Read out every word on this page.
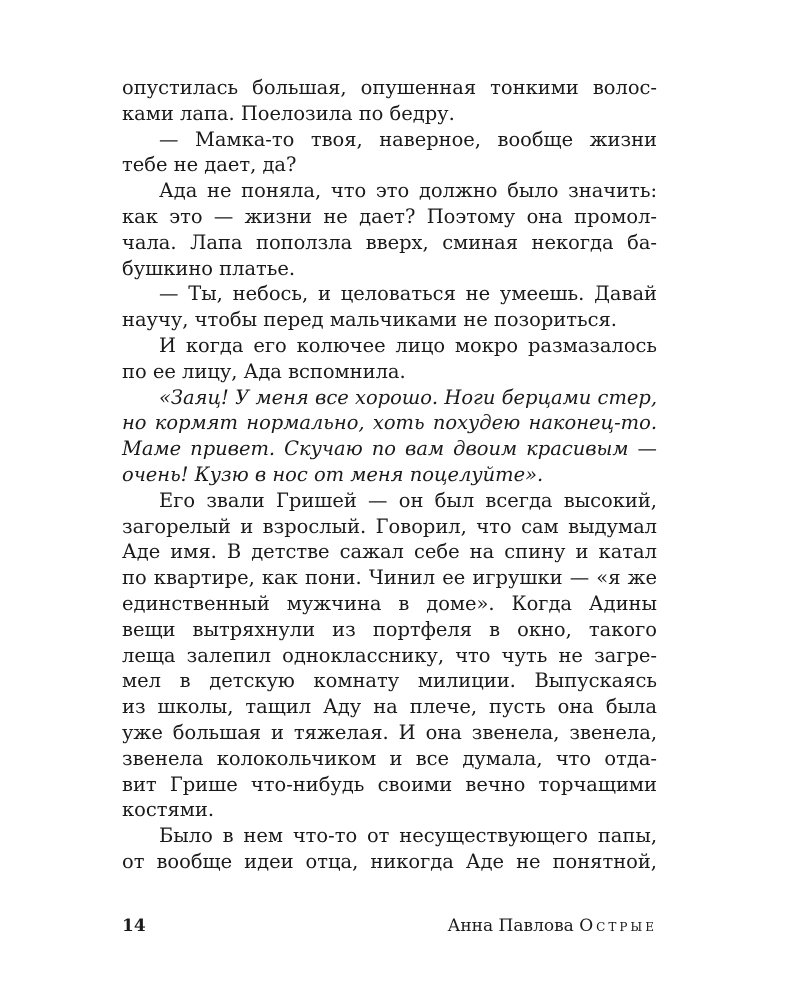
опустилась большая, опушенная тонкими волос-
ками лапа. Поелозила по бедру.
— Мамка-то твоя, наверное, вообще жизни
тебе не дает, да?
Ада не поняла, что это должно было значить:
как это — жизни не дает? Поэтому она промол-
чала. Лапа поползла вверх, сминая некогда ба-
бушкино платье.
— Ты, небось, и целоваться не умеешь. Давай
научу, чтобы перед мальчиками не позориться.
И когда его колючее лицо мокро размазалось
по ее лицу, Ада вспомнила.
«Заяц! У меня все хорошо. Ноги берцами стер,
но кормят нормально, хоть похудею наконец-то.
Маме привет. Скучаю по вам двоим красивым —
очень! Кузю в нос от меня поцелуйте».
Его звали Гришей — он был всегда высокий,
загорелый и взрослый. Говорил, что сам выдумал
Аде имя. В детстве сажал себе на спину и катал
по квартире, как пони. Чинил ее игрушки — «я же
единственный мужчина в доме». Когда Адины
вещи вытряхнули из портфеля в окно, такого
леща залепил однокласснику, что чуть не загре-
мел в детскую комнату милиции. Выпускаясь
из школы, тащил Аду на плече, пусть она была
уже большая и тяжелая. И она звенела, звенела,
звенела колокольчиком и все думала, что отда-
вит Грише что-нибудь своими вечно торчащими
костями.
Было в нем что-то от несуществующего папы,
от вообще идеи отца, никогда Аде не понятной,
14	Анна Павлова Острые
